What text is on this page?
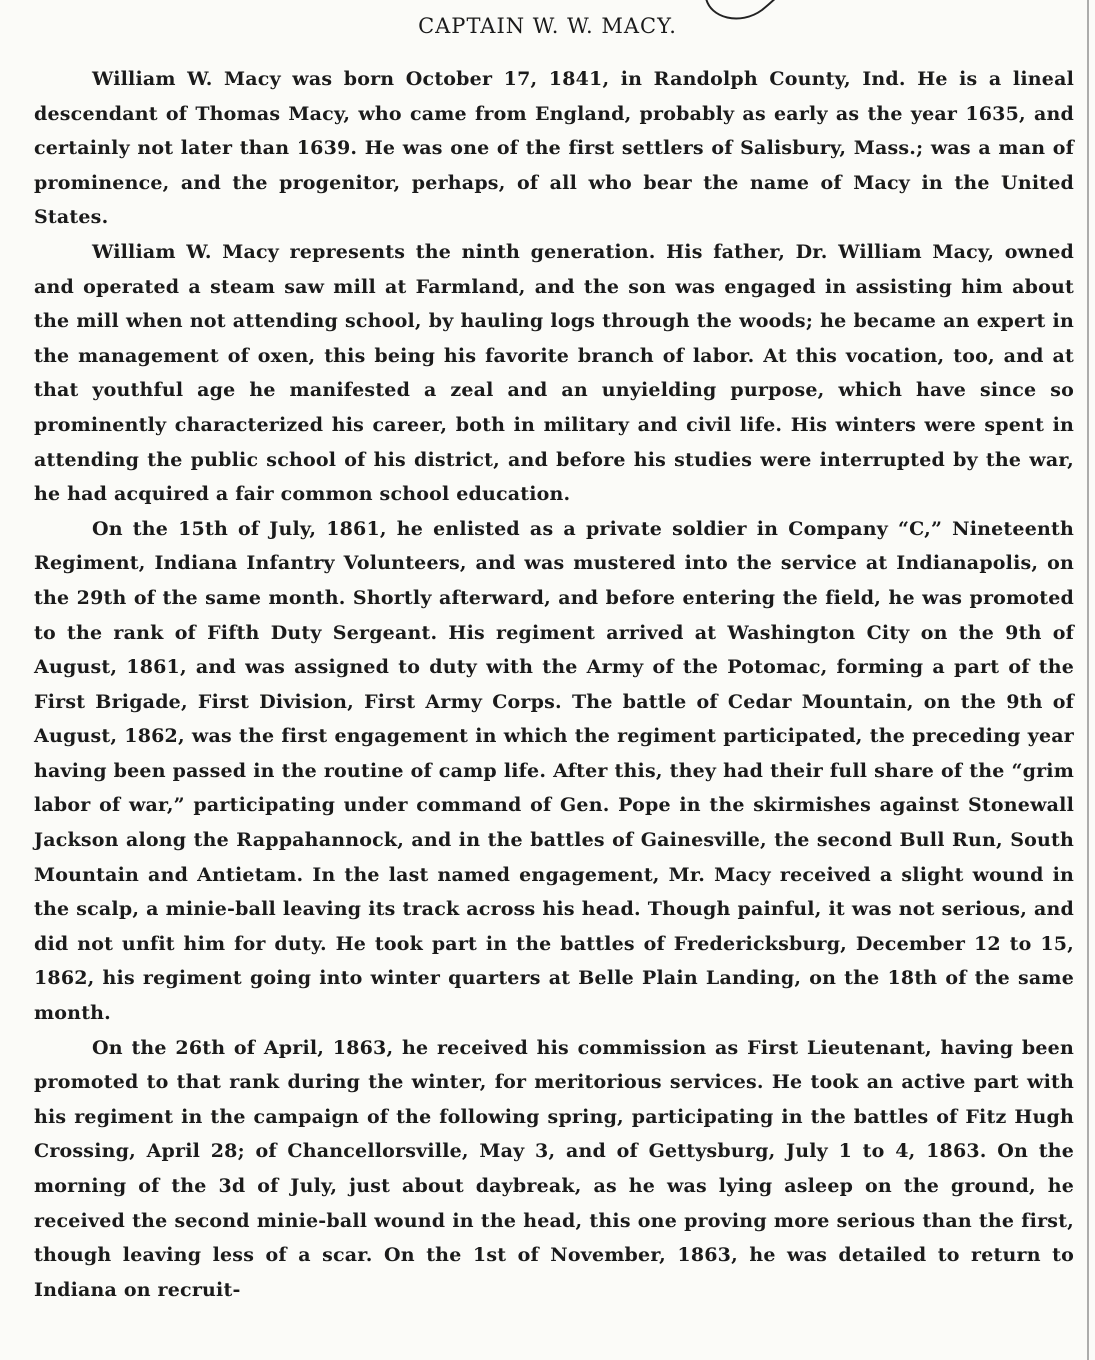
CAPTAIN W. W. MACY.

William W. Macy was born October 17, 1841, in Randolph County, Ind. He is a lineal descendant of Thomas Macy, who came from England, probably as early as the year 1635, and certainly not later than 1639. He was one of the first settlers of Salisbury, Mass.; was a man of prominence, and the progenitor, perhaps, of all who bear the name of Macy in the United States.

William W. Macy represents the ninth generation. His father, Dr. William Macy, owned and operated a steam saw mill at Farmland, and the son was engaged in assisting him about the mill when not attending school, by hauling logs through the woods; he became an expert in the management of oxen, this being his favorite branch of labor. At this vocation, too, and at that youthful age he manifested a zeal and an unyielding purpose, which have since so prominently characterized his career, both in military and civil life. His winters were spent in attending the public school of his district, and before his studies were interrupted by the war, he had acquired a fair common school education.

On the 15th of July, 1861, he enlisted as a private soldier in Company “C,” Nineteenth Regiment, Indiana Infantry Volunteers, and was mustered into the service at Indianapolis, on the 29th of the same month. Shortly afterward, and before entering the field, he was promoted to the rank of Fifth Duty Sergeant. His regiment arrived at Washington City on the 9th of August, 1861, and was assigned to duty with the Army of the Potomac, forming a part of the First Brigade, First Division, First Army Corps. The battle of Cedar Mountain, on the 9th of August, 1862, was the first engagement in which the regiment participated, the preceding year having been passed in the routine of camp life. After this, they had their full share of the “grim labor of war,” participating under command of Gen. Pope in the skirmishes against Stonewall Jackson along the Rappahannock, and in the battles of Gainesville, the second Bull Run, South Mountain and Antietam. In the last named engagement, Mr. Macy received a slight wound in the scalp, a minie-ball leaving its track across his head. Though painful, it was not serious, and did not unfit him for duty. He took part in the battles of Fredericksburg, December 12 to 15, 1862, his regiment going into winter quarters at Belle Plain Landing, on the 18th of the same month.

On the 26th of April, 1863, he received his commission as First Lieutenant, having been promoted to that rank during the winter, for meritorious services. He took an active part with his regiment in the campaign of the following spring, participating in the battles of Fitz Hugh Crossing, April 28; of Chancellorsville, May 3, and of Gettysburg, July 1 to 4, 1863. On the morning of the 3d of July, just about daybreak, as he was lying asleep on the ground, he received the second minie-ball wound in the head, this one proving more serious than the first, though leaving less of a scar. On the 1st of November, 1863, he was detailed to return to Indiana on recruit-
